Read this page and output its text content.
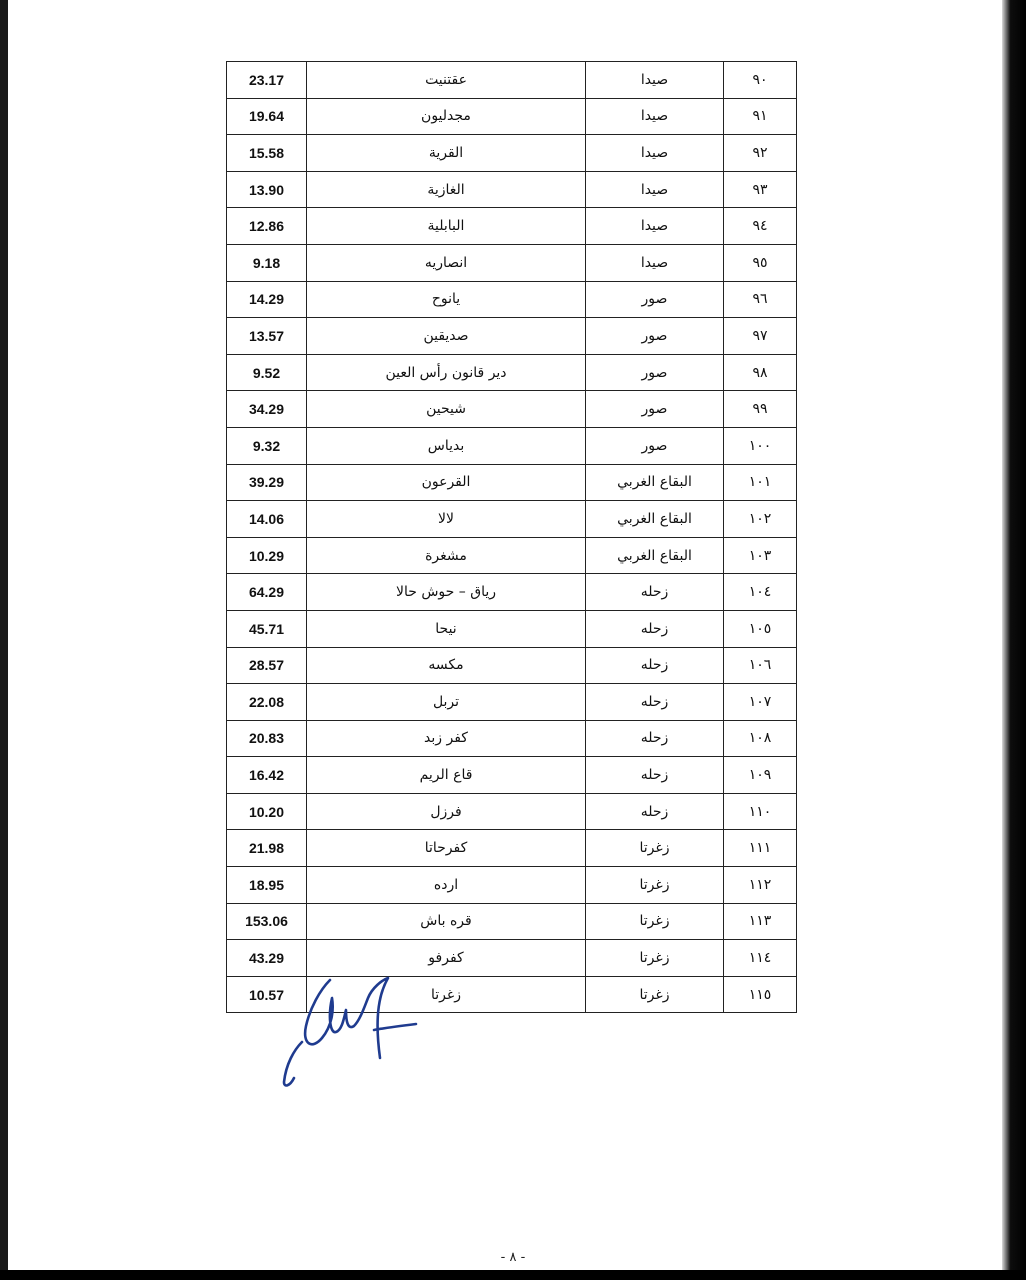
23.17	عقتنيت	صيدا	٩٠
19.64	مجدليون	صيدا	٩١
15.58	القرية	صيدا	٩٢
13.90	الغازية	صيدا	٩٣
12.86	البابلية	صيدا	٩٤
9.18	انصاريه	صيدا	٩٥
14.29	يانوح	صور	٩٦
13.57	صديقين	صور	٩٧
9.52	دير قانون رأس العين	صور	٩٨
34.29	شيحين	صور	٩٩
9.32	بدياس	صور	١٠٠
39.29	القرعون	البقاع الغربي	١٠١
14.06	لالا	البقاع الغربي	١٠٢
10.29	مشغرة	البقاع الغربي	١٠٣
64.29	رياق – حوش حالا	زحله	١٠٤
45.71	نيحا	زحله	١٠٥
28.57	مكسه	زحله	١٠٦
22.08	تربل	زحله	١٠٧
20.83	كفر زبد	زحله	١٠٨
16.42	قاع الريم	زحله	١٠٩
10.20	فرزل	زحله	١١٠
21.98	كفرحاتا	زغرتا	١١١
18.95	ارده	زغرتا	١١٢
153.06	قره باش	زغرتا	١١٣
43.29	كفرفو	زغرتا	١١٤
10.57	زغرتا	زغرتا	١١٥
- ٨ -
